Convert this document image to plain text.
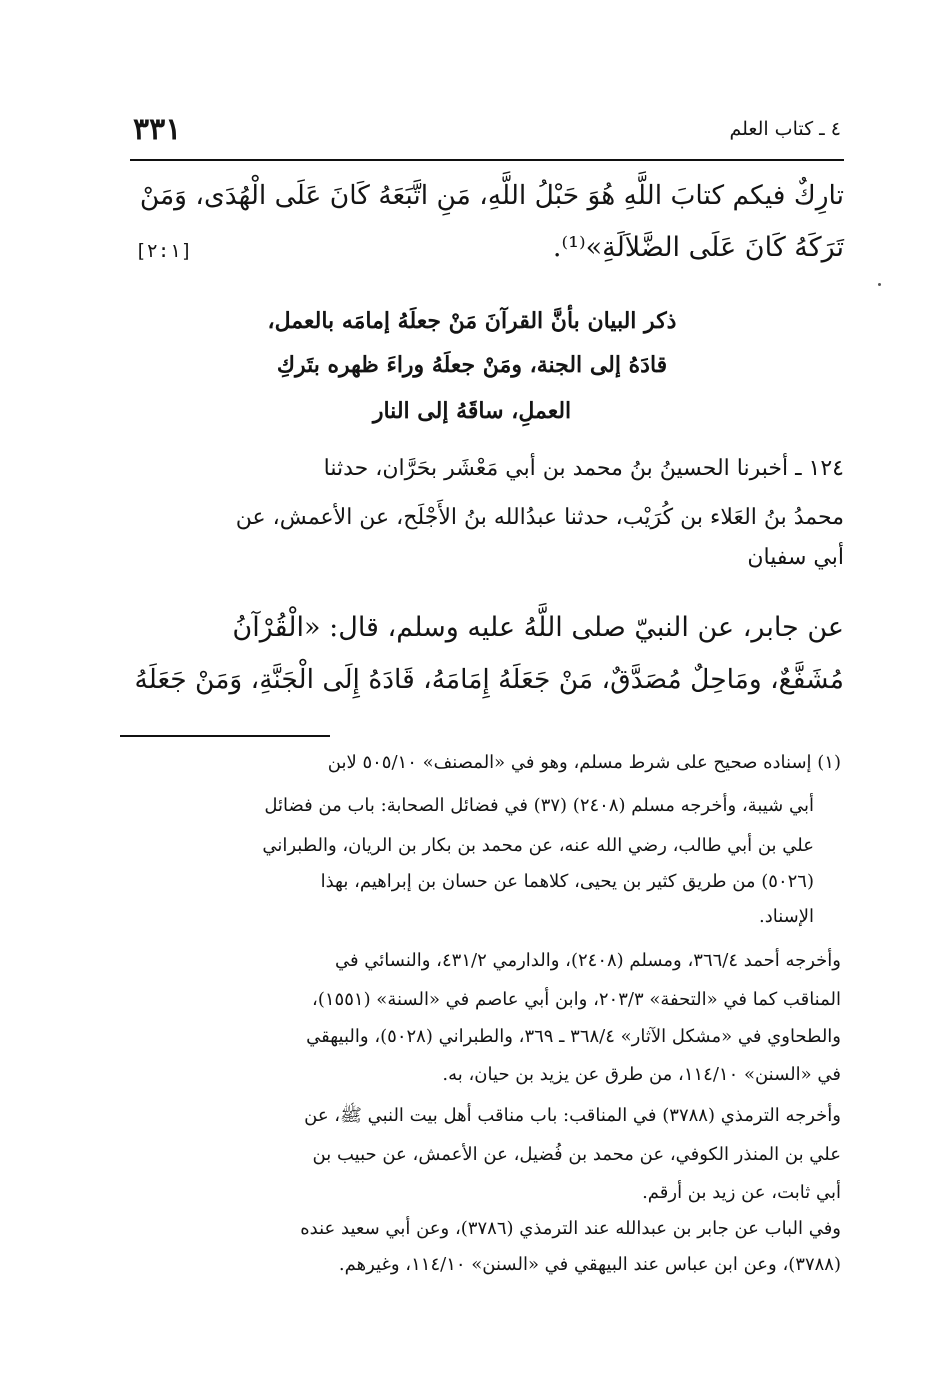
٣٣١	٤ ـ كتاب العلم
تارِكٌ فيكم كتابَ اللَّهِ هُوَ حَبْلُ اللَّهِ، مَنِ اتَّبَعَهُ كَانَ عَلَى الْهُدَى، وَمَنْ
تَرَكَهُ كَانَ عَلَى الضَّلاَلَةِ»⁽¹⁾.
[٢:١]
ذكر البيان بأنَّ القرآنَ مَنْ جعلَهُ إمامَه بالعمل،
قادَهُ إلى الجنة، ومَنْ جعلَهُ وراءَ ظهره بتَركِ
العملِ، ساقَهُ إلى النار
١٢٤ ـ أخبرنا الحسينُ بنُ محمد بن أبي مَعْشَر بحَرَّان، حدثنا
محمدُ بنُ العَلاء بن كُرَيْب، حدثنا عبدُالله بنُ الأَجْلَح، عن الأعمش، عن
أبي سفيان
عن جابر، عن النبيّ صلى اللَّهُ عليه وسلم، قال: «الْقُرْآنُ
مُشَفَّعٌ، ومَاحِلٌ مُصَدَّقٌ، مَنْ جَعَلَهُ إِمَامَهُ، قَادَهُ إِلَى الْجَنَّةِ، وَمَنْ جَعَلَهُ
(١) إسناده صحيح على شرط مسلم، وهو في «المصنف» ٥٠٥/١٠ لابن
أبي شيبة، وأخرجه مسلم (٢٤٠٨) (٣٧) في فضائل الصحابة: باب من فضائل
علي بن أبي طالب، رضي الله عنه، عن محمد بن بكار بن الريان، والطبراني
(٥٠٢٦) من طريق كثير بن يحيى، كلاهما عن حسان بن إبراهيم، بهذا
الإسناد.
وأخرجه أحمد ٣٦٦/٤، ومسلم (٢٤٠٨)، والدارمي ٤٣١/٢، والنسائي في
المناقب كما في «التحفة» ٢٠٣/٣، وابن أبي عاصم في «السنة» (١٥٥١)،
والطحاوي في «مشكل الآثار» ٣٦٨/٤ ـ ٣٦٩، والطبراني (٥٠٢٨)، والبيهقي
في «السنن» ١١٤/١٠، من طرق عن يزيد بن حيان، به.
وأخرجه الترمذي (٣٧٨٨) في المناقب: باب مناقب أهل بيت النبي ﷺ، عن
علي بن المنذر الكوفي، عن محمد بن فُضيل، عن الأعمش، عن حبيب بن
أبي ثابت، عن زيد بن أرقم.
وفي الباب عن جابر بن عبدالله عند الترمذي (٣٧٨٦)، وعن أبي سعيد عنده
(٣٧٨٨)، وعن ابن عباس عند البيهقي في «السنن» ١١٤/١٠، وغيرهم.
